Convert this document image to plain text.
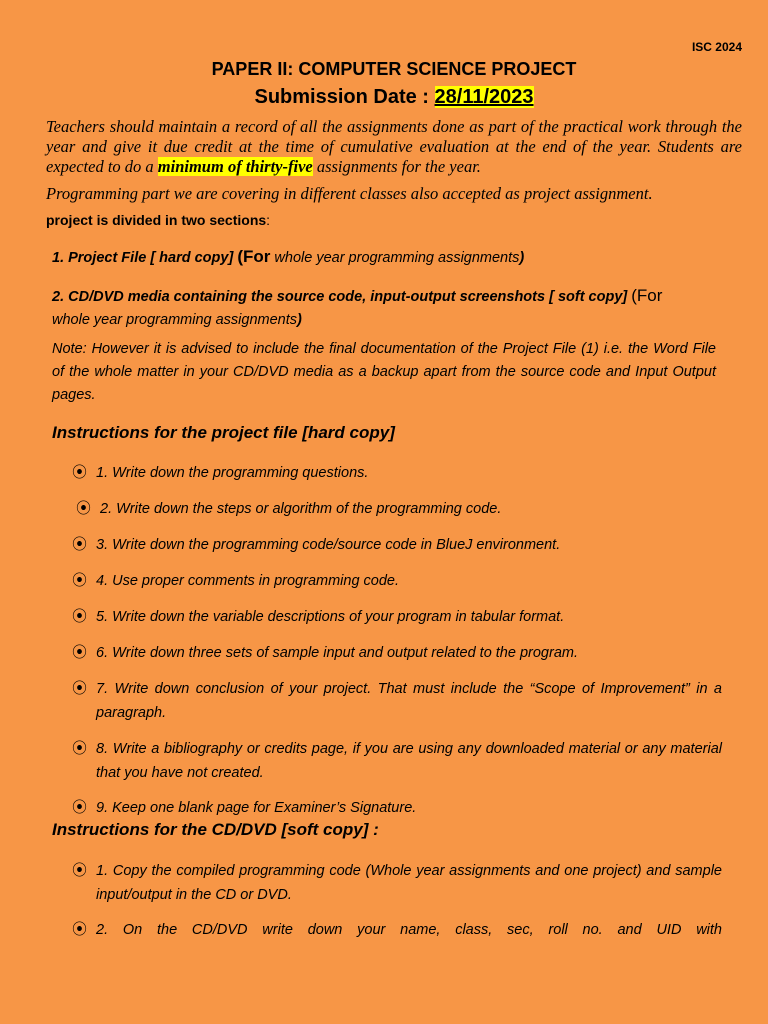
ISC 2024
PAPER II: COMPUTER SCIENCE PROJECT
Submission Date : 28/11/2023
Teachers should maintain a record of all the assignments done as part of the practical work through the year and give it due credit at the time of cumulative evaluation at the end of the year. Students are expected to do a minimum of thirty-five assignments for the year.
Programming part we are covering in different classes also accepted as project assignment.
project is divided in two sections:
1. Project File [ hard copy] (For whole year programming assignments)
2. CD/DVD media containing the source code, input-output screenshots [ soft copy] (For
whole year programming assignments)
Note: However it is advised to include the final documentation of the Project File (1) i.e. the Word File of the whole matter in your CD/DVD media as a backup apart from the source code and Input Output pages.
Instructions for the project file [hard copy]
⦿ 1. Write down the programming questions.
⦿ 2. Write down the steps or algorithm of the programming code.
⦿ 3. Write down the programming code/source code in BlueJ environment.
⦿ 4. Use proper comments in programming code.
⦿ 5. Write down the variable descriptions of your program in tabular format.
⦿ 6. Write down three sets of sample input and output related to the program.
⦿ 7. Write down conclusion of your project. That must include the “Scope of Improvement” in a paragraph.
⦿ 8. Write a bibliography or credits page, if you are using any downloaded material or any material that you have not created.
⦿ 9. Keep one blank page for Examiner’s Signature.
Instructions for the CD/DVD [soft copy] :
⦿ 1. Copy the compiled programming code (Whole year assignments and one project) and sample input/output in the CD or DVD.
⦿ 2. On the CD/DVD write down your name, class, sec, roll no. and UID with
